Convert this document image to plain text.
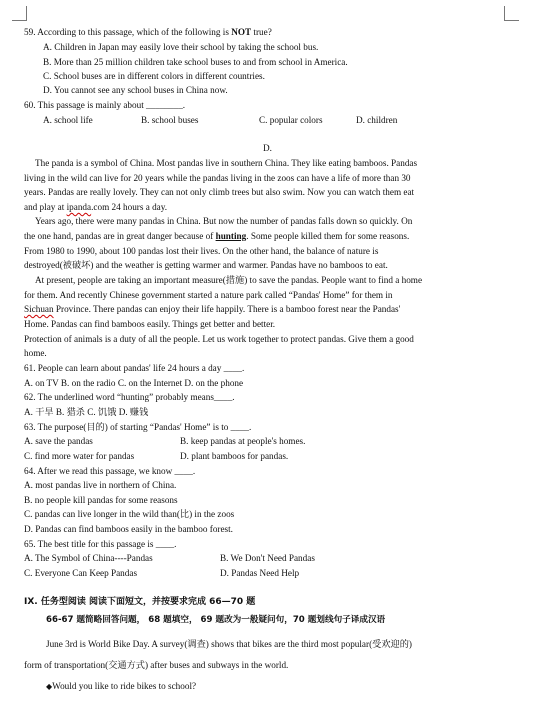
59. According to this passage, which of the following is NOT true?
A. Children in Japan may easily love their school by taking the school bus.
B. More than 25 million children take school buses to and from school in America.
C. School buses are in different colors in different countries.
D. You cannot see any school buses in China now.
60. This passage is mainly about ________.
A. school life	B. school buses	C. popular colors	D. children
D.
The panda is a symbol of China. Most pandas live in southern China. They like eating bamboos. Pandas
living in the wild can live for 20 years while the pandas living in the zoos can have a life of more than 30
years. Pandas are really lovely. They can not only climb trees but also swim. Now you can watch them eat
and play at ipanda.com 24 hours a day.
Years ago, there were many pandas in China. But now the number of pandas falls down so quickly. On
the one hand, pandas are in great danger because of hunting. Some people killed them for some reasons.
From 1980 to 1990, about 100 pandas lost their lives. On the other hand, the balance of nature is
destroyed(被破坏) and the weather is getting warmer and warmer. Pandas have no bamboos to eat.
At present, people are taking an important measure(措施) to save the pandas. People want to find a home
for them. And recently Chinese government started a nature park called “Pandas' Home” for them in
Sichuan Province. There pandas can enjoy their life happily. There is a bamboo forest near the Pandas'
Home. Pandas can find bamboos easily. Things get better and better.
Protection of animals is a duty of all the people. Let us work together to protect pandas. Give them a good
home.
61. People can learn about pandas' life 24 hours a day ____.
A. on TV B. on the radio C. on the Internet D. on the phone
62. The underlined word “hunting” probably means____.
A. 干旱 B. 猎杀 C. 饥饿 D. 赚钱
63. The purpose(目的) of starting “Pandas' Home” is to ____.
A. save the pandas	B. keep pandas at people's homes.
C. find more water for pandas	D. plant bamboos for pandas.
64. After we read this passage, we know ____.
A. most pandas live in northern of China.
B. no people kill pandas for some reasons
C. pandas can live longer in the wild than(比) in the zoos
D. Pandas can find bamboos easily in the bamboo forest.
65. The best title for this passage is ____.
A. The Symbol of China----Pandas	B. We Don't Need Pandas
C. Everyone Can Keep Pandas	D. Pandas Need Help
IX. 任务型阅读 阅读下面短文，并按要求完成 66—70 题
66-67 题简略回答问题， 68 题填空， 69 题改为一般疑问句，70 题划线句子译成汉语
June 3rd is World Bike Day. A survey(调查) shows that bikes are the third most popular(受欢迎的)
form of transportation(交通方式) after buses and subways in the world.
◆Would you like to ride bikes to school?
